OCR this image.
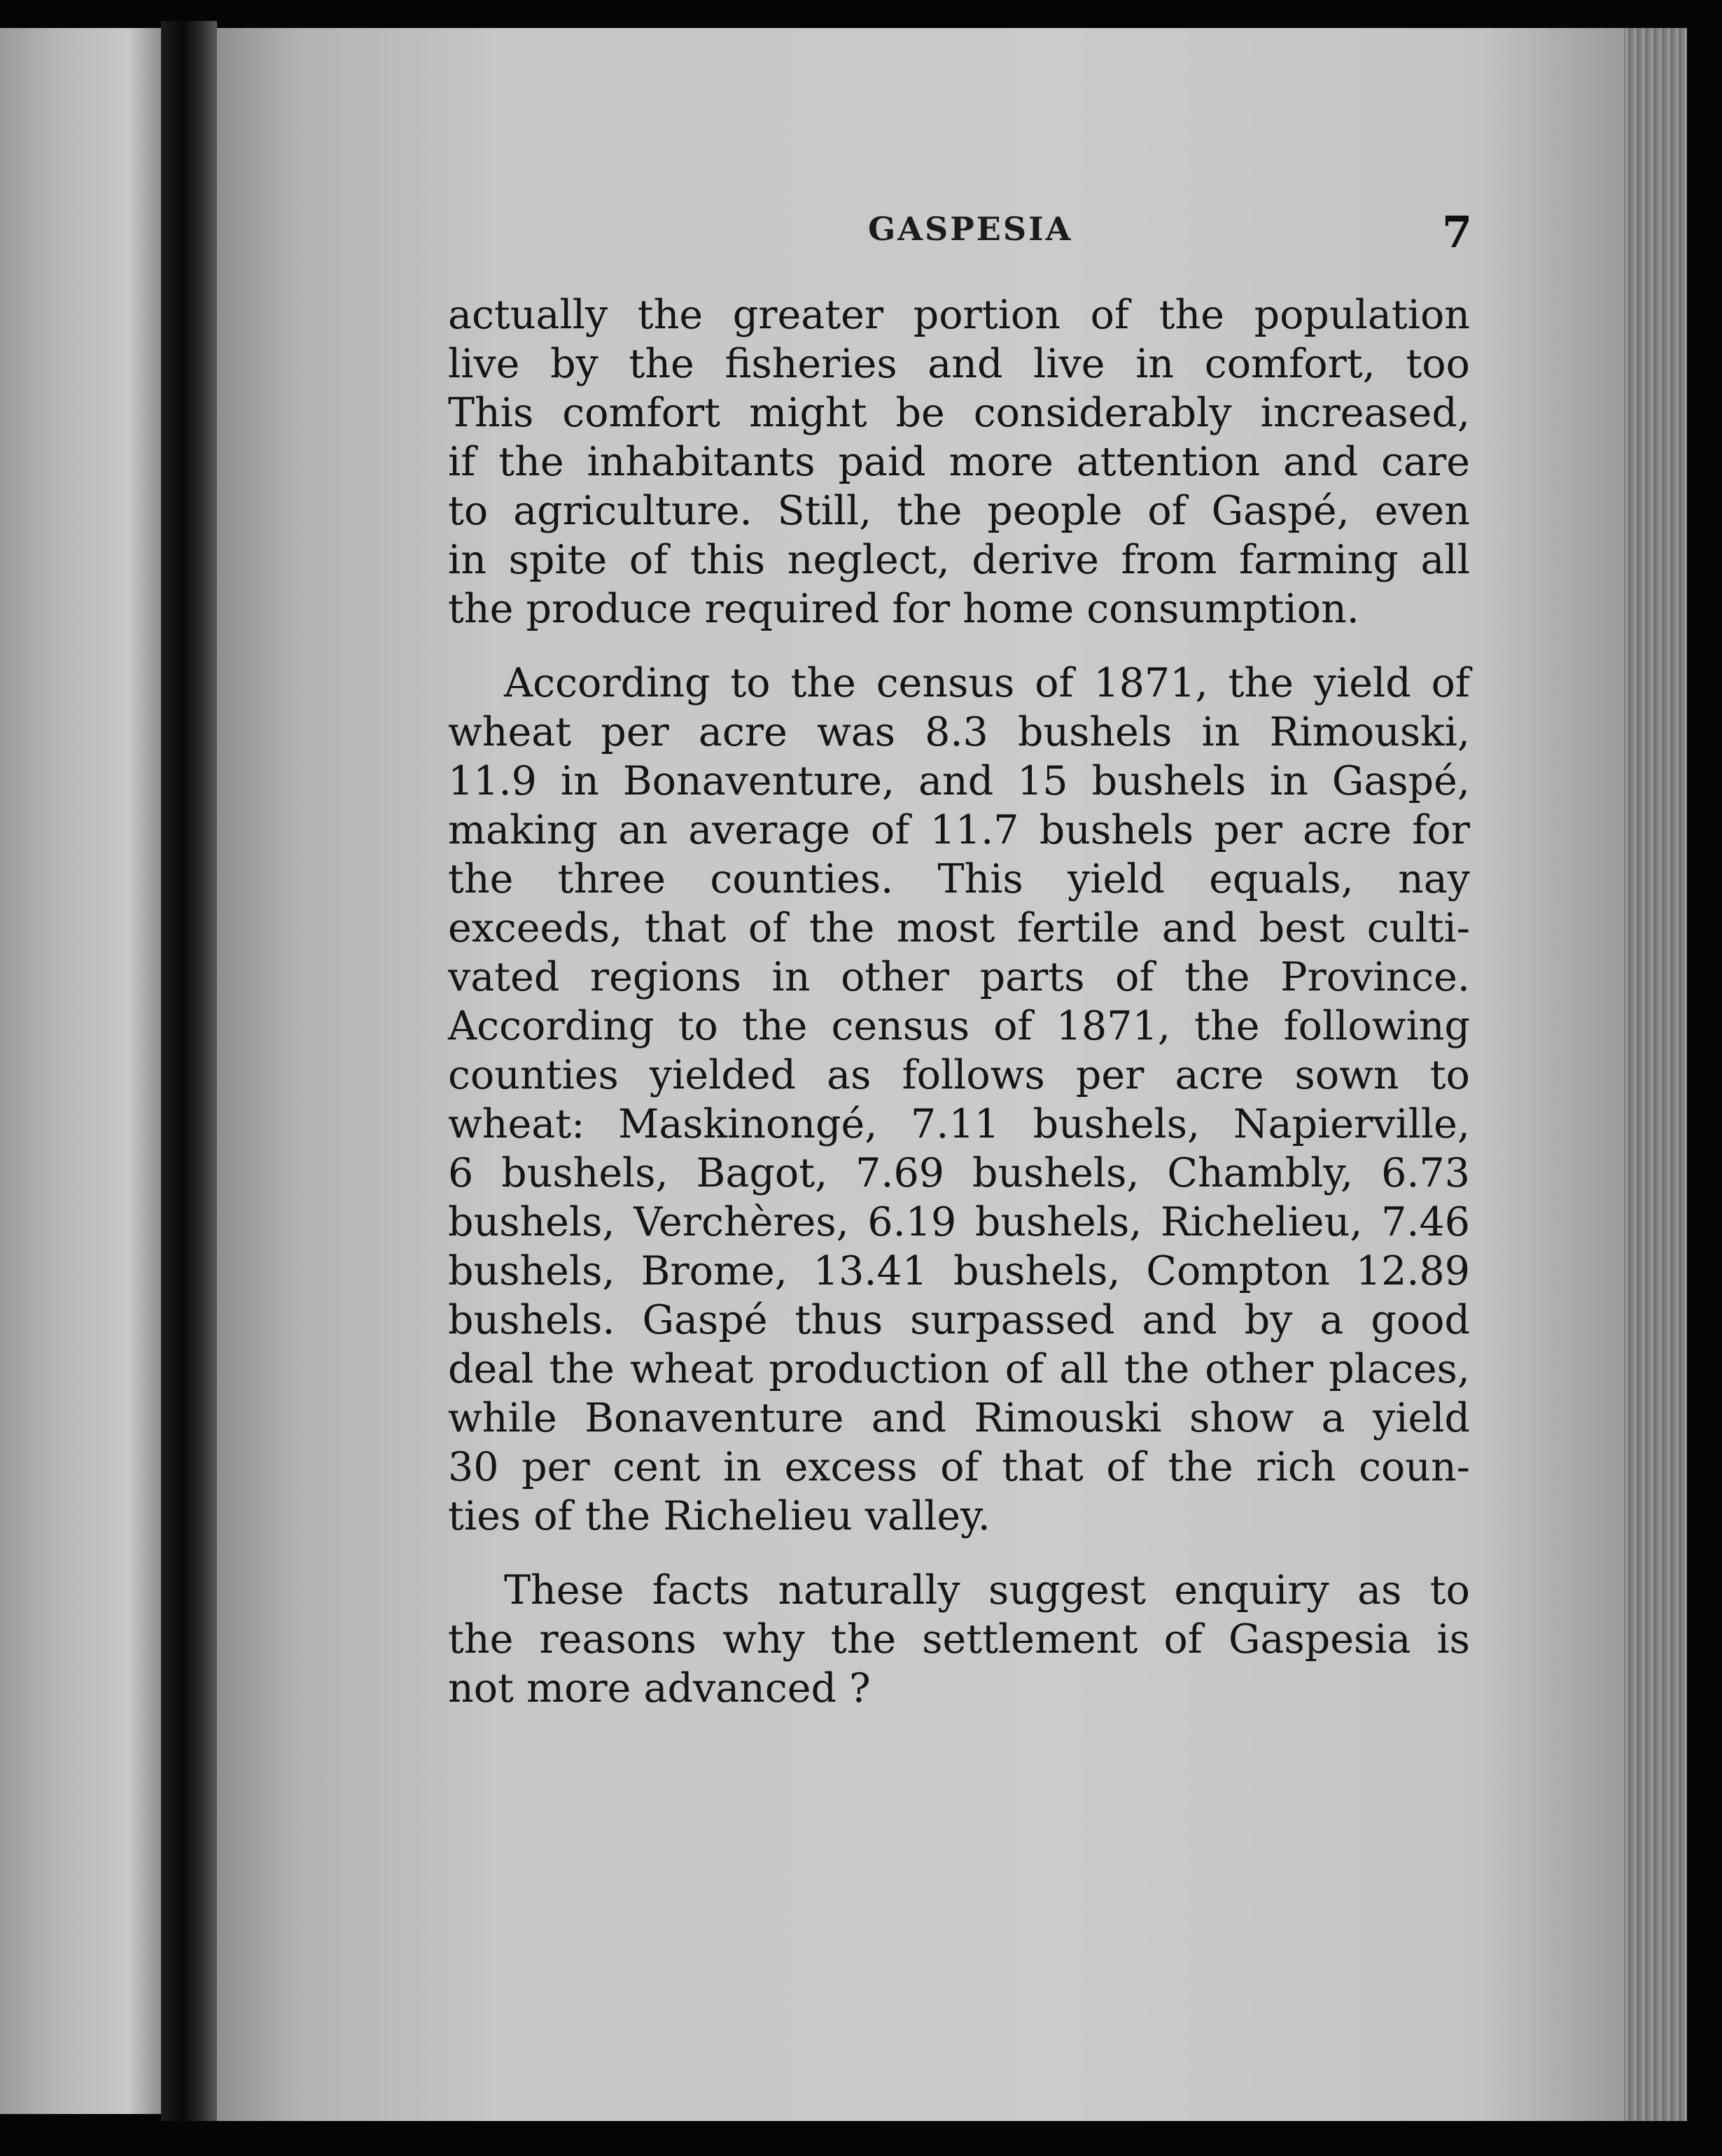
GASPESIA	7

actually the greater portion of the population
live by the fisheries and live in comfort, too
This comfort might be considerably increased,
if the inhabitants paid more attention and care
to agriculture. Still, the people of Gaspé, even
in spite of this neglect, derive from farming all
the produce required for home consumption.

According to the census of 1871, the yield of
wheat per acre was 8.3 bushels in Rimouski,
11.9 in Bonaventure, and 15 bushels in Gaspé,
making an average of 11.7 bushels per acre for
the three counties. This yield equals, nay
exceeds, that of the most fertile and best culti-
vated regions in other parts of the Province.
According to the census of 1871, the following
counties yielded as follows per acre sown to
wheat: Maskinongé, 7.11 bushels, Napierville,
6 bushels, Bagot, 7.69 bushels, Chambly, 6.73
bushels, Verchères, 6.19 bushels, Richelieu, 7.46
bushels, Brome, 13.41 bushels, Compton 12.89
bushels. Gaspé thus surpassed and by a good
deal the wheat production of all the other places,
while Bonaventure and Rimouski show a yield
30 per cent in excess of that of the rich coun-
ties of the Richelieu valley.

These facts naturally suggest enquiry as to
the reasons why the settlement of Gaspesia is
not more advanced ?
